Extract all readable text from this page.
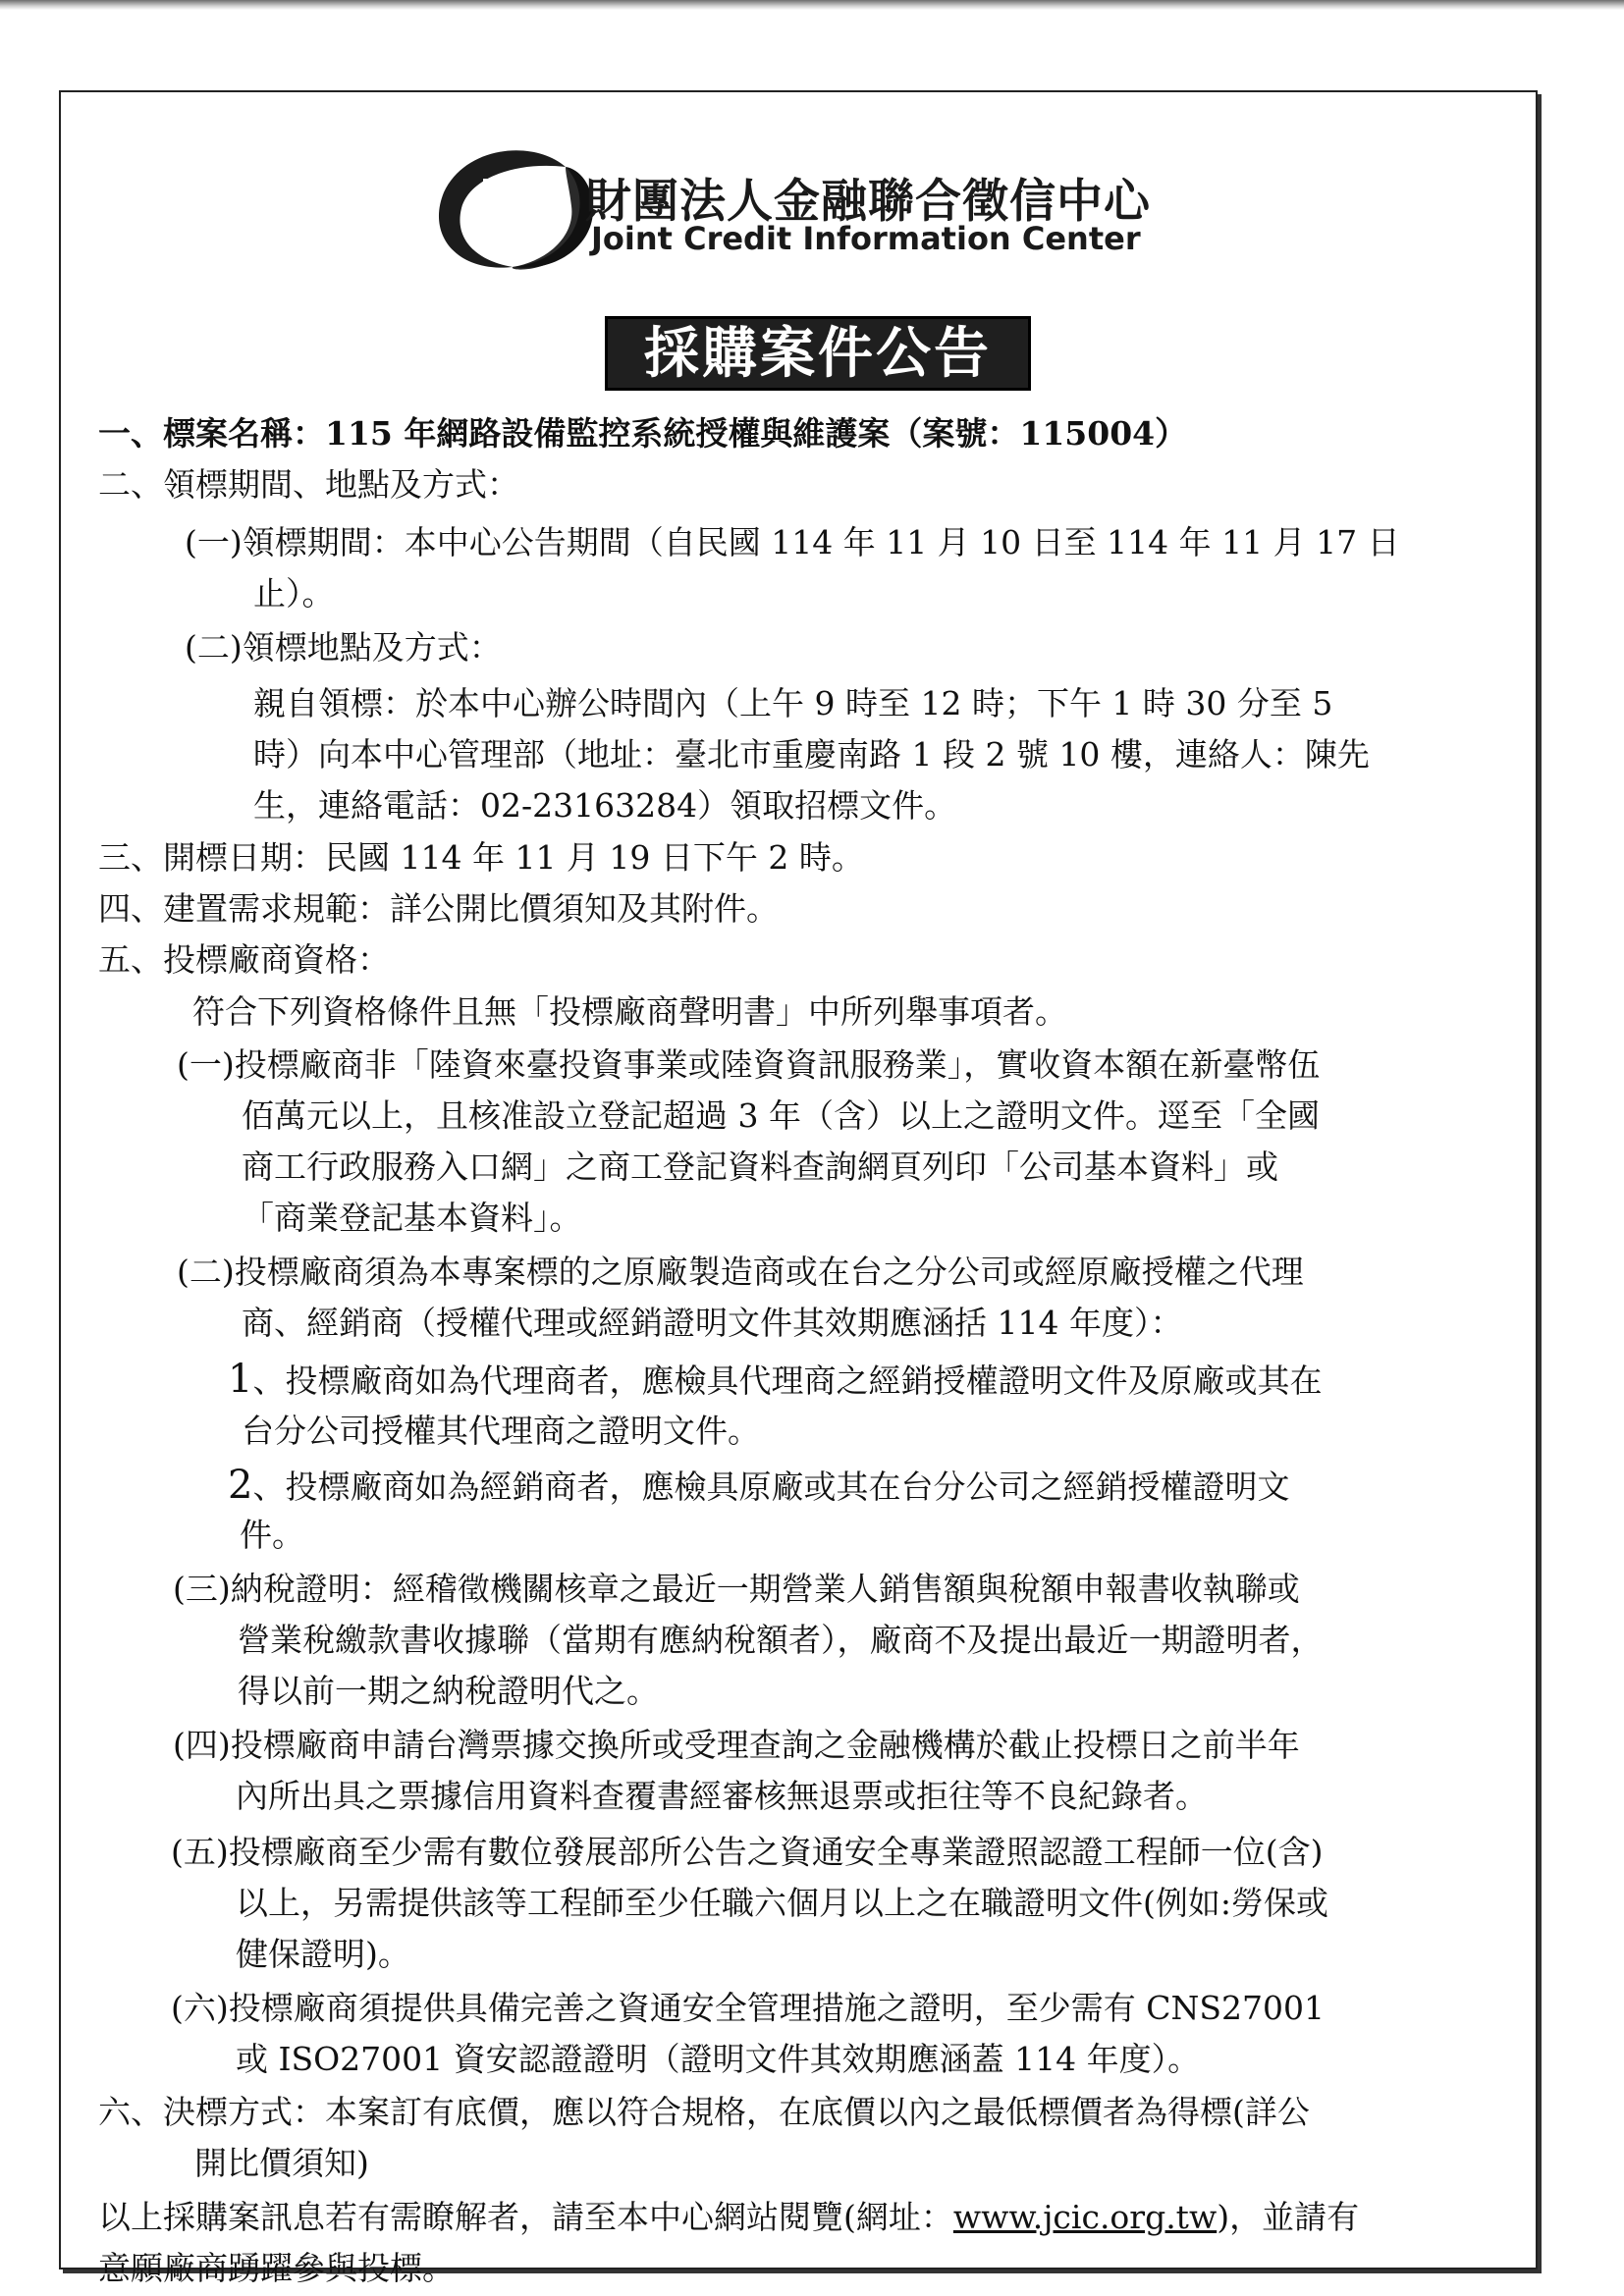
財團法人金融聯合徵信中心
Joint Credit Information Center
採購案件公告
一、標案名稱：115 年網路設備監控系統授權與維護案（案號：115004）
二、領標期間、地點及方式：
(一)領標期間：本中心公告期間（自民國 114 年 11 月 10 日至 114 年 11 月 17 日
止）。
(二)領標地點及方式：
親自領標：於本中心辦公時間內（上午 9 時至 12 時；下午 1 時 30 分至 5
時）向本中心管理部（地址：臺北市重慶南路 1 段 2 號 10 樓，連絡人：陳先
生，連絡電話：02-23163284）領取招標文件。
三、開標日期：民國 114 年 11 月 19 日下午 2 時。
四、建置需求規範：詳公開比價須知及其附件。
五、投標廠商資格：
符合下列資格條件且無「投標廠商聲明書」中所列舉事項者。
(一)投標廠商非「陸資來臺投資事業或陸資資訊服務業」，實收資本額在新臺幣伍
佰萬元以上，且核准設立登記超過 3 年（含）以上之證明文件。逕至「全國
商工行政服務入口網」之商工登記資料查詢網頁列印「公司基本資料」或
「商業登記基本資料」。
(二)投標廠商須為本專案標的之原廠製造商或在台之分公司或經原廠授權之代理
商、經銷商（授權代理或經銷證明文件其效期應涵括 114 年度）：
1、投標廠商如為代理商者，應檢具代理商之經銷授權證明文件及原廠或其在
台分公司授權其代理商之證明文件。
2、投標廠商如為經銷商者，應檢具原廠或其在台分公司之經銷授權證明文
件。
(三)納稅證明：經稽徵機關核章之最近一期營業人銷售額與稅額申報書收執聯或
營業稅繳款書收據聯（當期有應納稅額者），廠商不及提出最近一期證明者，
得以前一期之納稅證明代之。
(四)投標廠商申請台灣票據交換所或受理查詢之金融機構於截止投標日之前半年
內所出具之票據信用資料查覆書經審核無退票或拒往等不良紀錄者。
(五)投標廠商至少需有數位發展部所公告之資通安全專業證照認證工程師一位(含)
以上，另需提供該等工程師至少任職六個月以上之在職證明文件(例如:勞保或
健保證明)。
(六)投標廠商須提供具備完善之資通安全管理措施之證明，至少需有 CNS27001
或 ISO27001 資安認證證明（證明文件其效期應涵蓋 114 年度）。
六、決標方式：本案訂有底價，應以符合規格，在底價以內之最低標價者為得標(詳公
開比價須知)
以上採購案訊息若有需瞭解者，請至本中心網站閱覽(網址：www.jcic.org.tw)，並請有
意願廠商踴躍參與投標。
